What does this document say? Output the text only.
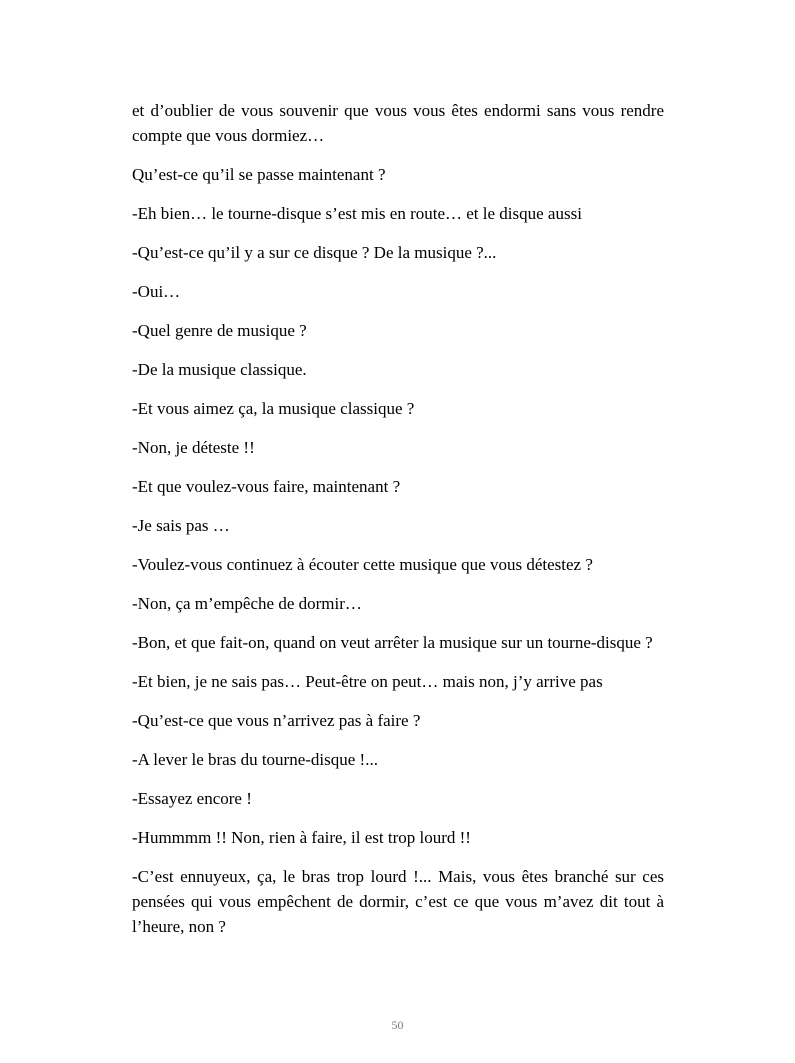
et d’oublier de vous souvenir que vous vous êtes endormi sans vous rendre compte que vous dormiez…

Qu’est-ce qu’il se passe maintenant ?

-Eh bien… le tourne-disque s’est mis en route… et le disque aussi

-Qu’est-ce qu’il y a sur ce disque ? De la musique ?...

-Oui…

-Quel genre de musique ?

-De la musique classique.

-Et vous aimez ça, la musique classique ?

-Non, je déteste !!

-Et que voulez-vous faire, maintenant ?

-Je sais pas …

-Voulez-vous continuez à écouter cette musique que vous détestez ?

-Non, ça m’empêche de dormir…

-Bon, et que fait-on, quand on veut arrêter la musique sur un tourne-disque ?

-Et bien, je ne sais pas… Peut-être on peut… mais non, j’y arrive pas

-Qu’est-ce que vous n’arrivez pas à faire ?

-A lever le bras du tourne-disque !...

-Essayez encore !

-Hummmm !! Non, rien à faire, il est trop lourd !!

-C’est ennuyeux, ça, le bras trop lourd !... Mais, vous êtes branché sur ces pensées qui vous empêchent de dormir, c’est ce que vous m’avez dit tout à l’heure, non ?

50
